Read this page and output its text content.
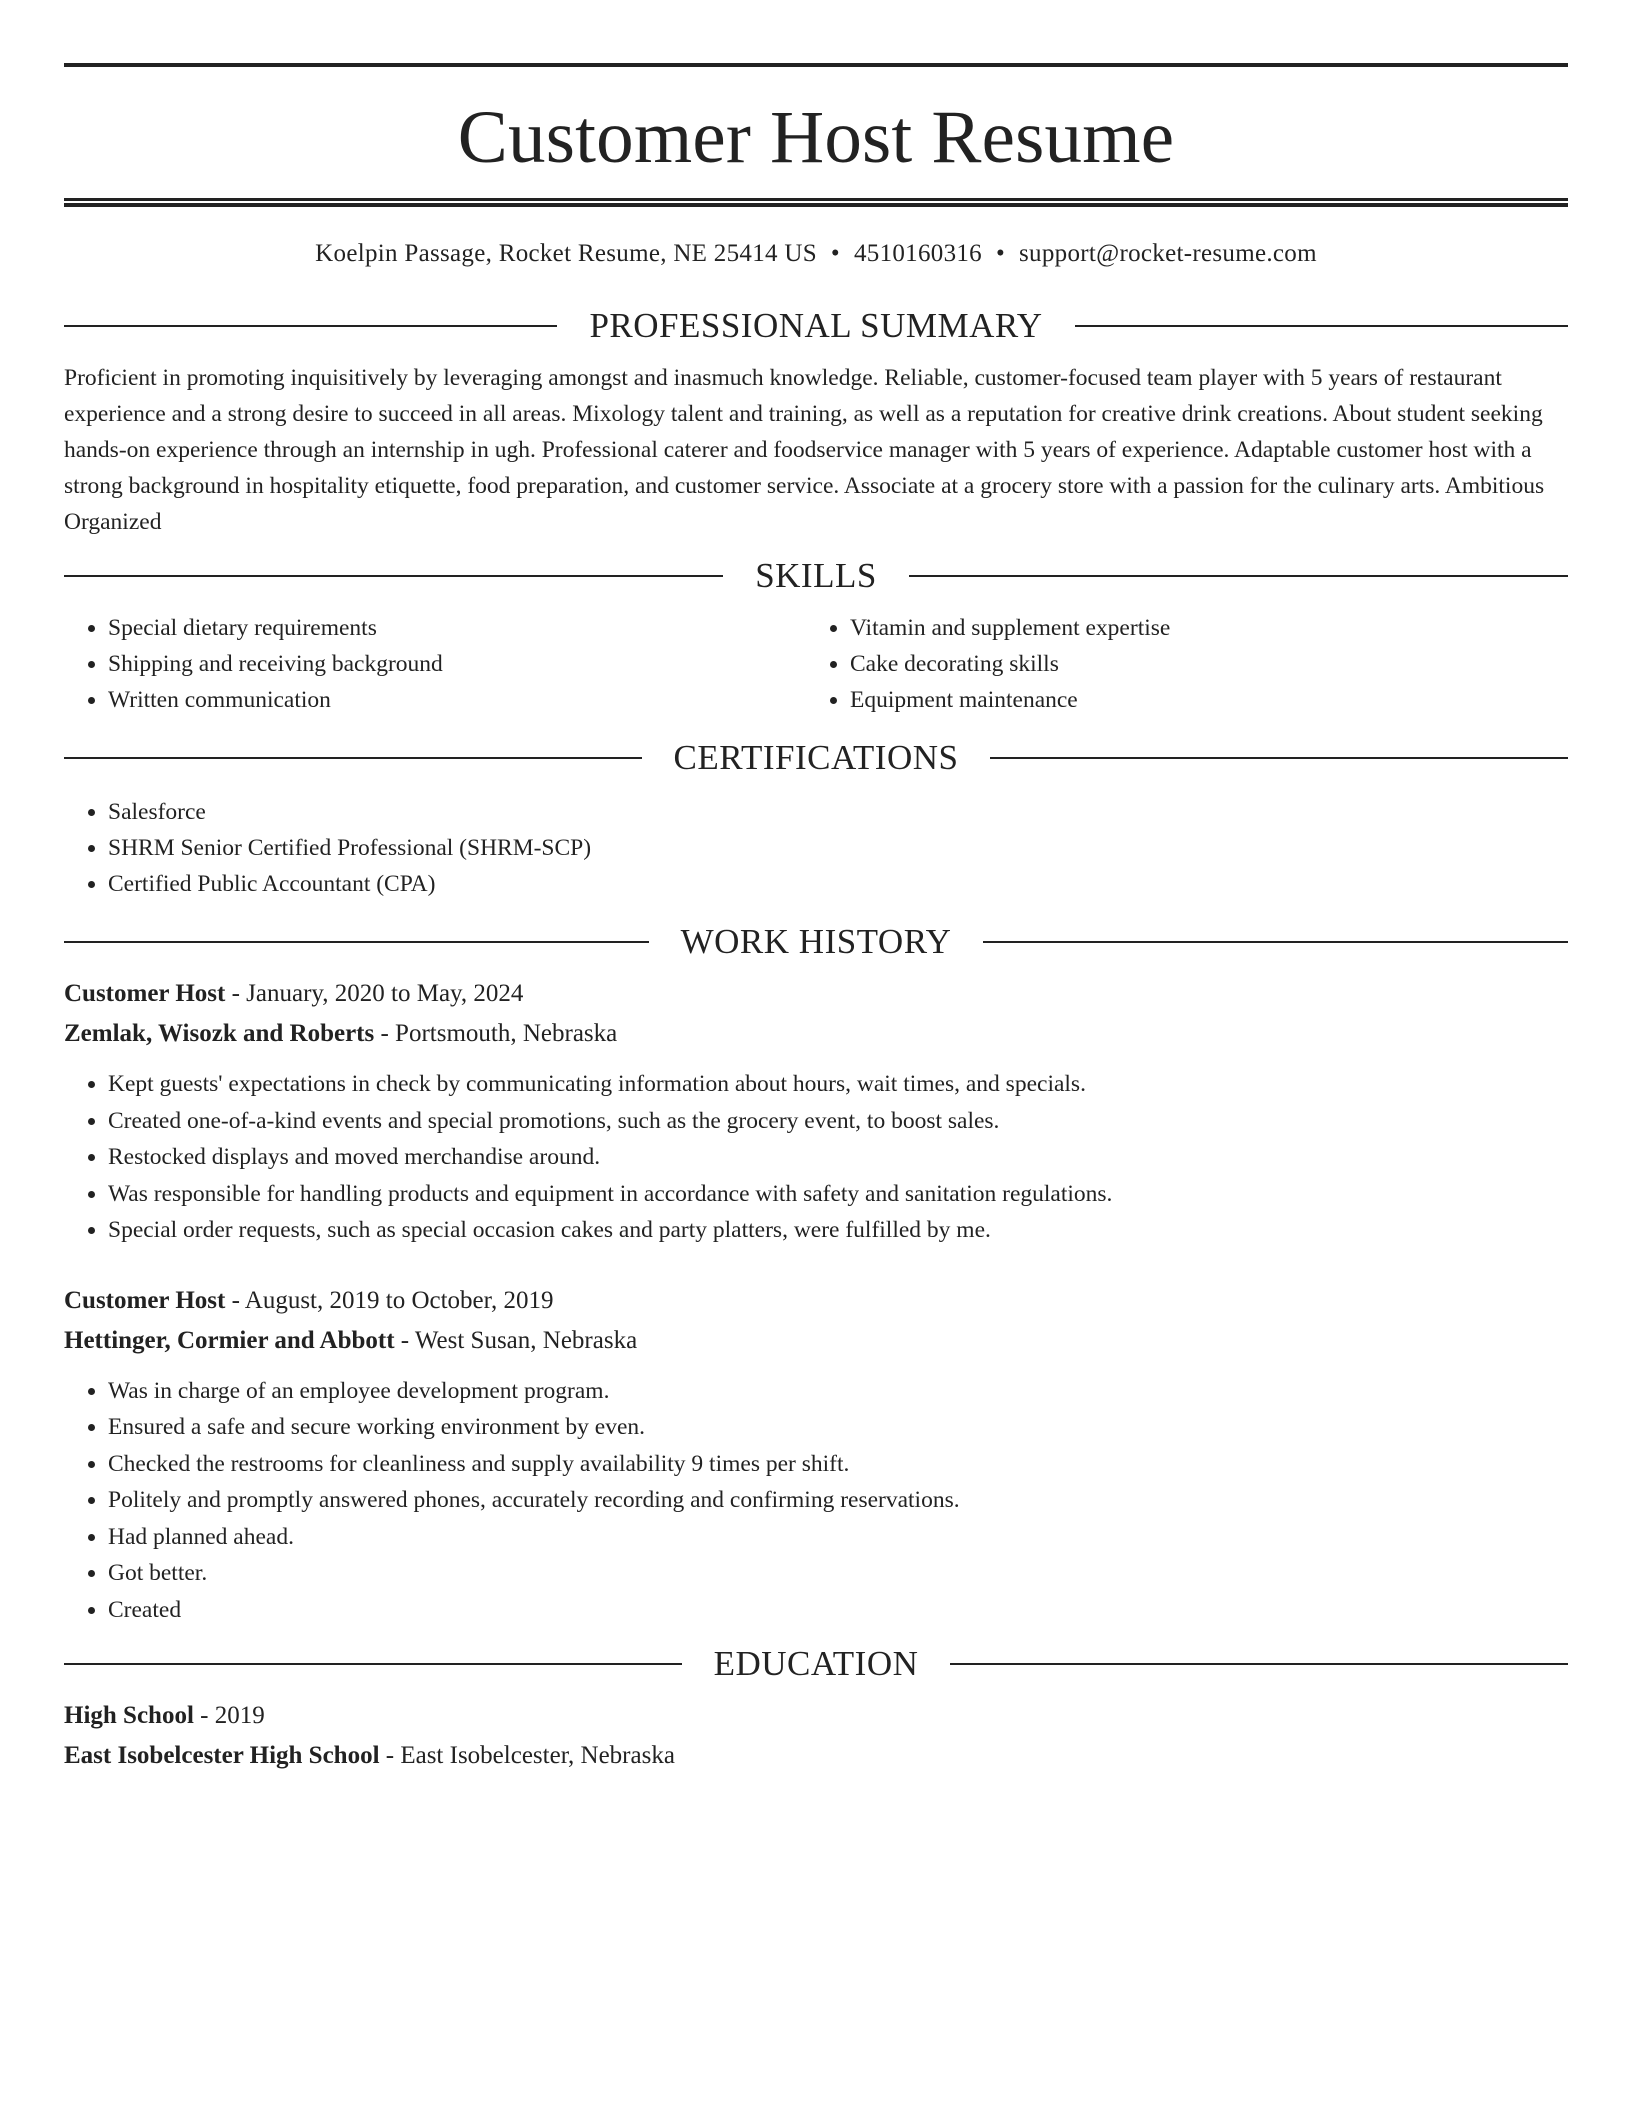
Customer Host Resume
Koelpin Passage, Rocket Resume, NE 25414 US • 4510160316 • support@rocket-resume.com
PROFESSIONAL SUMMARY

Proficient in promoting inquisitively by leveraging amongst and inasmuch knowledge. Reliable, customer-focused team player with 5 years of restaurant experience and a strong desire to succeed in all areas. Mixology talent and training, as well as a reputation for creative drink creations. About student seeking hands-on experience through an internship in ugh. Professional caterer and foodservice manager with 5 years of experience. Adaptable customer host with a strong background in hospitality etiquette, food preparation, and customer service. Associate at a grocery store with a passion for the culinary arts. Ambitious Organized

SKILLS
• Special dietary requirements
• Shipping and receiving background
• Written communication
• Vitamin and supplement expertise
• Cake decorating skills
• Equipment maintenance
CERTIFICATIONS
• Salesforce
• SHRM Senior Certified Professional (SHRM-SCP)
• Certified Public Accountant (CPA)
WORK HISTORY
Customer Host - January, 2020 to May, 2024
Zemlak, Wisozk and Roberts - Portsmouth, Nebraska
• Kept guests' expectations in check by communicating information about hours, wait times, and specials.
• Created one-of-a-kind events and special promotions, such as the grocery event, to boost sales.
• Restocked displays and moved merchandise around.
• Was responsible for handling products and equipment in accordance with safety and sanitation regulations.
• Special order requests, such as special occasion cakes and party platters, were fulfilled by me.
Customer Host - August, 2019 to October, 2019
Hettinger, Cormier and Abbott - West Susan, Nebraska
• Was in charge of an employee development program.
• Ensured a safe and secure working environment by even.
• Checked the restrooms for cleanliness and supply availability 9 times per shift.
• Politely and promptly answered phones, accurately recording and confirming reservations.
• Had planned ahead.
• Got better.
• Created
EDUCATION
High School - 2019
East Isobelcester High School - East Isobelcester, Nebraska
